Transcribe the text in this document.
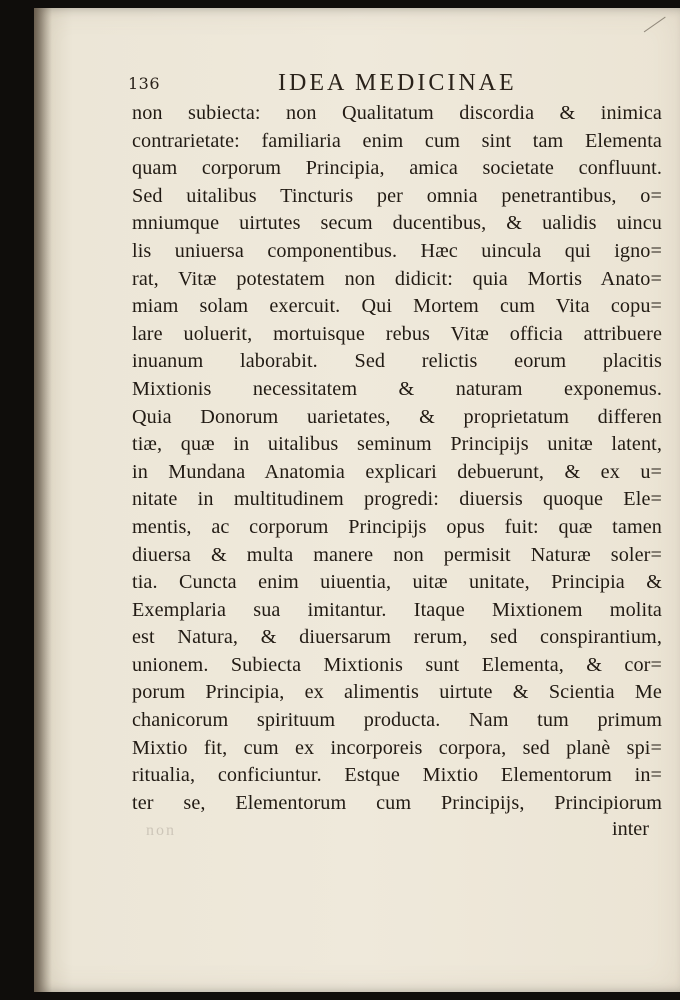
136	IDEA MEDICINAE
non subiecta: non Qualitatum discordia & inimica
contrarietate: familiaria enim cum sint tam Elementa
quam corporum Principia, amica societate confluunt.
Sed uitalibus Tincturis per omnia penetrantibus, o=
mniumque uirtutes secum ducentibus, & ualidis uincu
lis uniuersa componentibus. Hæc uincula qui igno=
rat, Vitæ potestatem non didicit: quia Mortis Anato=
miam solam exercuit. Qui Mortem cum Vita copu=
lare uoluerit, mortuisque rebus Vitæ officia attribuere
inuanum laborabit. Sed relictis eorum placitis
Mixtionis necessitatem & naturam exponemus.
Quia Donorum uarietates, & proprietatum differen
tiæ, quæ in uitalibus seminum Principijs unitæ latent,
in Mundana Anatomia explicari debuerunt, & ex u=
nitate in multitudinem progredi: diuersis quoque Ele=
mentis, ac corporum Principijs opus fuit: quæ tamen
diuersa & multa manere non permisit Naturæ soler=
tia. Cuncta enim uiuentia, uitæ unitate, Principia &
Exemplaria sua imitantur. Itaque Mixtionem molita
est Natura, & diuersarum rerum, sed conspirantium,
unionem. Subiecta Mixtionis sunt Elementa, & cor=
porum Principia, ex alimentis uirtute & Scientia Me
chanicorum spirituum producta. Nam tum primum
Mixtio fit, cum ex incorporeis corpora, sed planè spi=
ritualia, conficiuntur. Estque Mixtio Elementorum in=
ter se, Elementorum cum Principijs, Principiorum
non	inter
